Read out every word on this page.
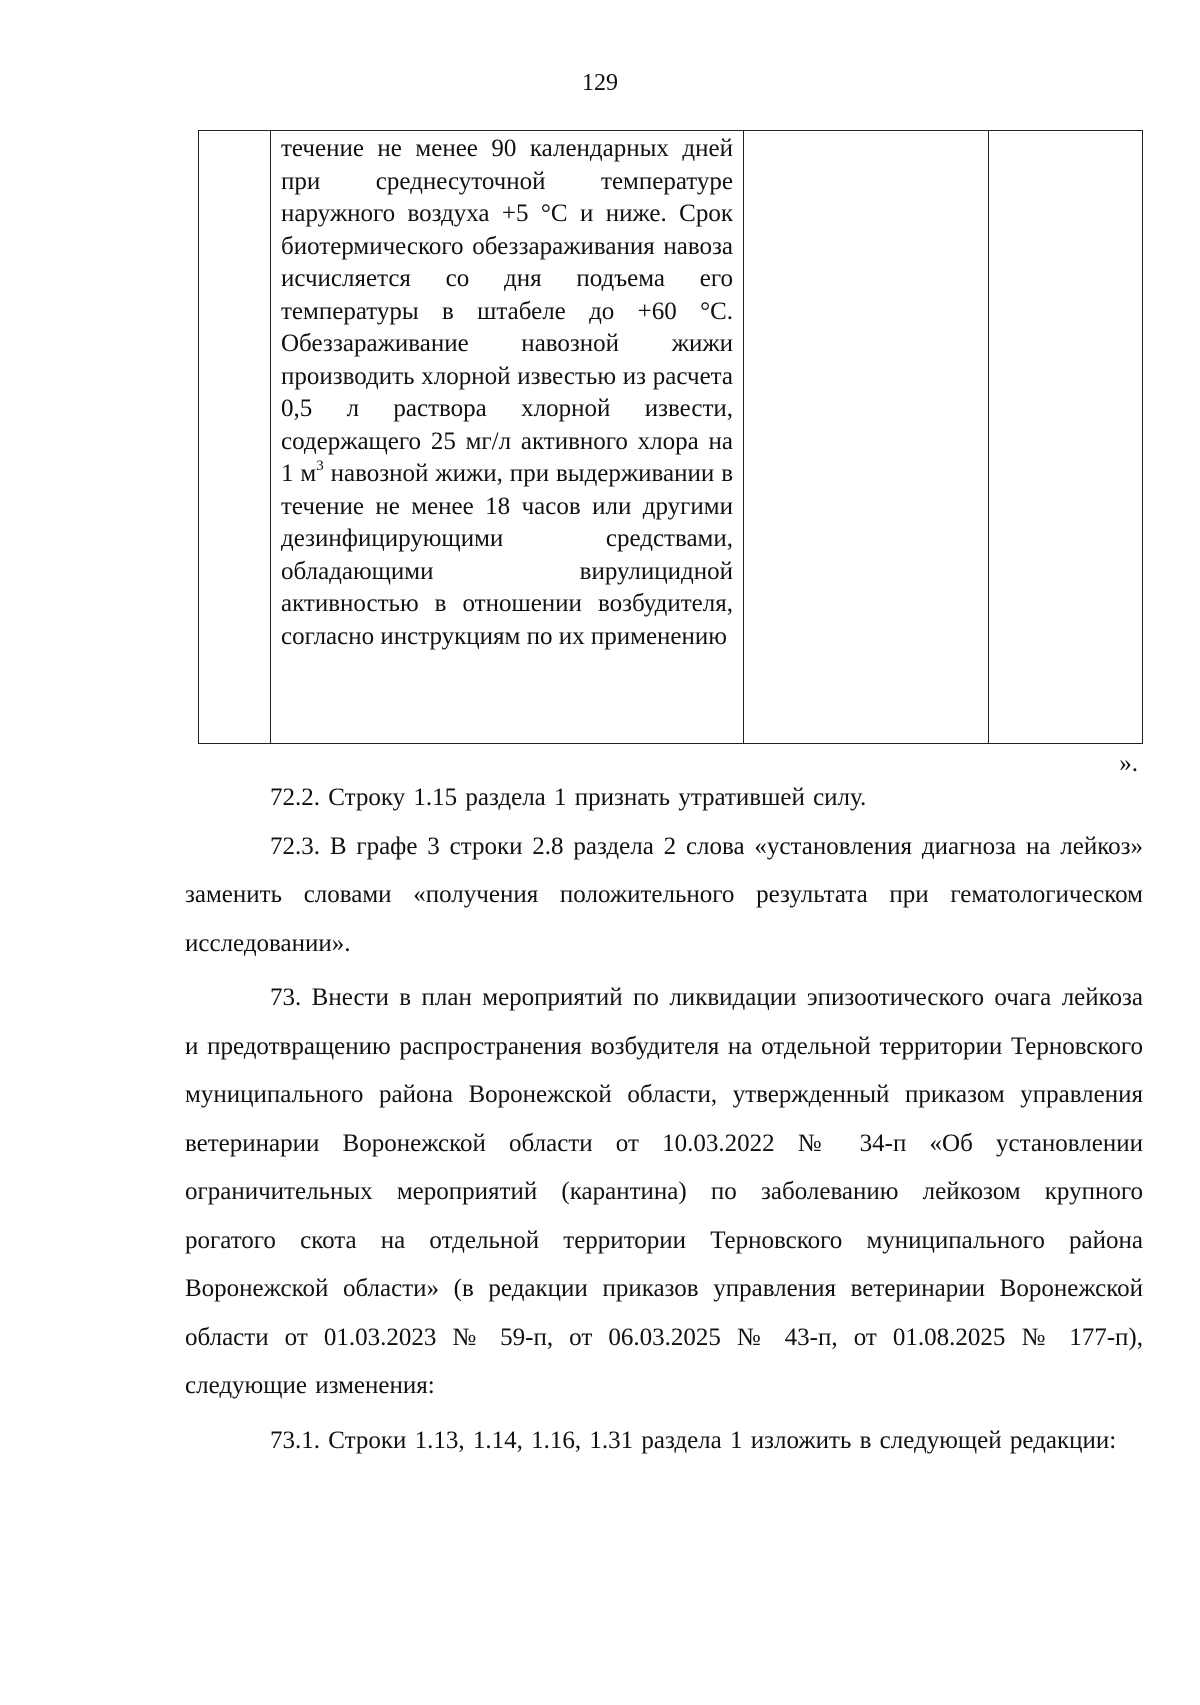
129

течение не менее 90 календарных дней при среднесуточной температуре наружного воздуха +5 °С и ниже. Срок биотермического обеззараживания навоза исчисляется со дня подъема его температуры в штабеле до +60 °С. Обеззараживание навозной жижи производить хлорной известью из расчета 0,5 л раствора хлорной извести, содержащего 25 мг/л активного хлора на 1 $м^3$ навозной жижи, при выдерживании в течение не менее 18 часов или другими дезинфицирующими средствами, обладающими вирулицидной активностью в отношении возбудителя, согласно инструкциям по их применению

».

72.2. Строку 1.15 раздела 1 признать утратившей силу.

72.3. В графе 3 строки 2.8 раздела 2 слова «установления диагноза на лейкоз» заменить словами «получения положительного результата при гематологическом исследовании».

73. Внести в план мероприятий по ликвидации эпизоотического очага лейкоза и предотвращению распространения возбудителя на отдельной территории Терновского муниципального района Воронежской области, утвержденный приказом управления ветеринарии Воронежской области от 10.03.2022 № 34-п «Об установлении ограничительных мероприятий (карантина) по заболеванию лейкозом крупного рогатого скота на отдельной территории Терновского муниципального района Воронежской области» (в редакции приказов управления ветеринарии Воронежской области от 01.03.2023 № 59-п, от 06.03.2025 № 43-п, от 01.08.2025 № 177-п), следующие изменения:

73.1. Строки 1.13, 1.14, 1.16, 1.31 раздела 1 изложить в следующей редакции:
